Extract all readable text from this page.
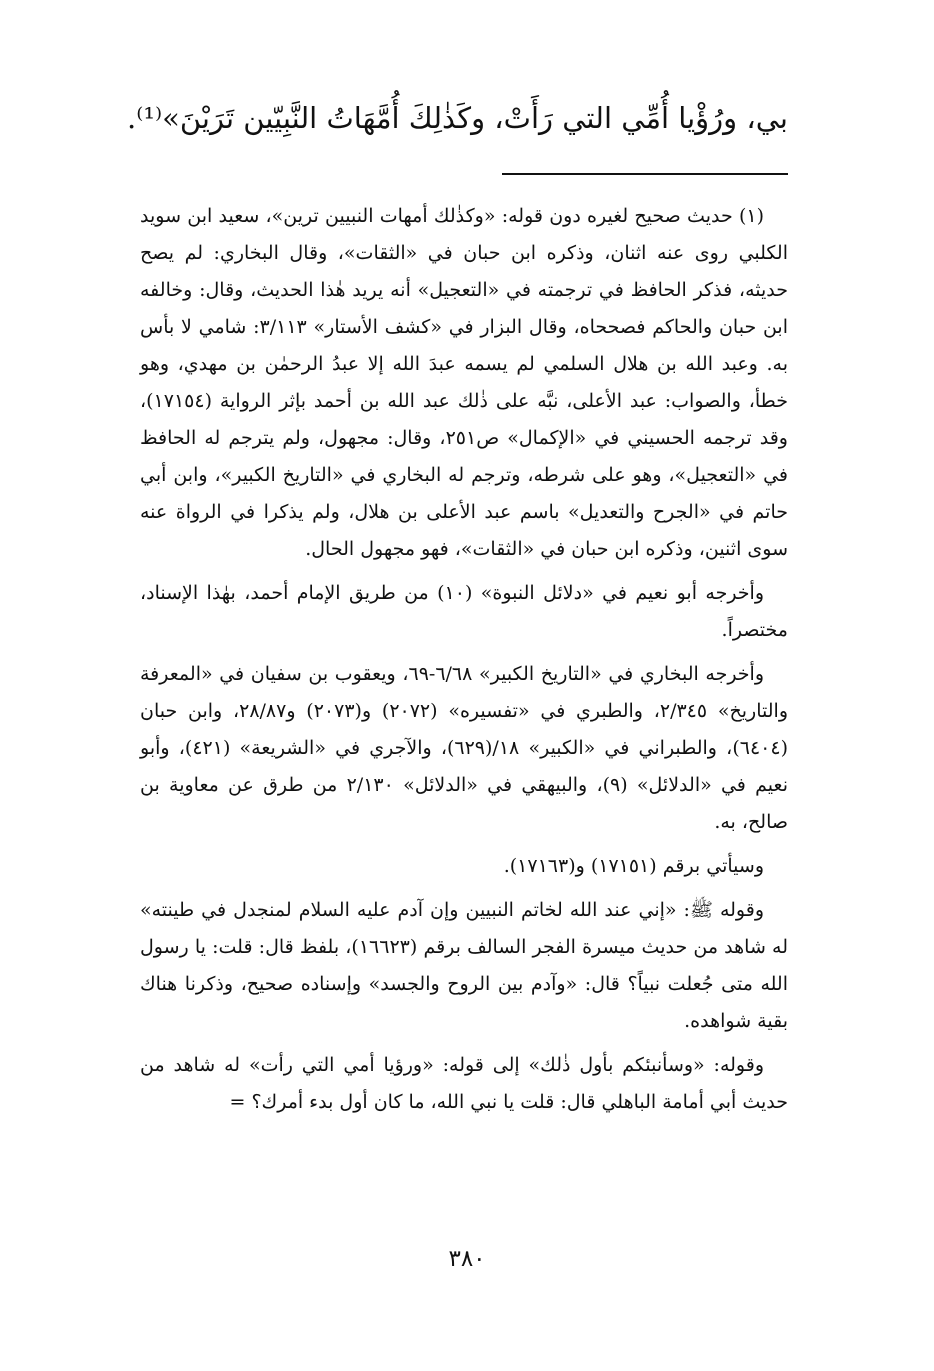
بي، ورُؤْيا أُمِّي التي رَأَتْ، وكَذٰلِكَ أُمَّهَاتُ النَّبِيّين تَرَيْنَ»⁽¹⁾.

(١) حديث صحيح لغيره دون قوله: «وكذٰلك أمهات النبيين ترين»، سعيد ابن سويد الكلبي روى عنه اثنان، وذكره ابن حبان في «الثقات»، وقال البخاري: لم يصح حديثه، فذكر الحافظ في ترجمته في «التعجيل» أنه يريد هٰذا الحديث، وقال: وخالفه ابن حبان والحاكم فصححاه، وقال البزار في «كشف الأستار» ٣/١١٣: شامي لا بأس به. وعبد الله بن هلال السلمي لم يسمه عبدَ الله إلا عبدُ الرحمٰن بن مهدي، وهو خطأ، والصواب: عبد الأعلى، نبَّه على ذٰلك عبد الله بن أحمد بإثر الرواية (١٧١٥٤)، وقد ترجمه الحسيني في «الإكمال» ص٢٥١، وقال: مجهول، ولم يترجم له الحافظ في «التعجيل»، وهو على شرطه، وترجم له البخاري في «التاريخ الكبير»، وابن أبي حاتم في «الجرح والتعديل» باسم عبد الأعلى بن هلال، ولم يذكرا في الرواة عنه سوى اثنين، وذكره ابن حبان في «الثقات»، فهو مجهول الحال.

وأخرجه أبو نعيم في «دلائل النبوة» (١٠) من طريق الإمام أحمد، بهٰذا الإسناد، مختصراً.

وأخرجه البخاري في «التاريخ الكبير» ٦/٦٨-٦٩، ويعقوب بن سفيان في «المعرفة والتاريخ» ٢/٣٤٥، والطبري في «تفسيره» (٢٠٧٢) و(٢٠٧٣) و٢٨/٨٧، وابن حبان (٦٤٠٤)، والطبراني في «الكبير» ١٨/(٦٢٩)، والآجري في «الشريعة» (٤٢١)، وأبو نعيم في «الدلائل» (٩)، والبيهقي في «الدلائل» ٢/١٣٠ من طرق عن معاوية بن صالح، به.

وسيأتي برقم (١٧١٥١) و(١٧١٦٣).

وقوله ﷺ: «إني عند الله لخاتم النبيين وإن آدم عليه السلام لمنجدل في طينته» له شاهد من حديث ميسرة الفجر السالف برقم (١٦٦٢٣)، بلفظ قال: قلت: يا رسول الله متى جُعلت نبياً؟ قال: «وآدم بين الروح والجسد» وإسناده صحيح، وذكرنا هناك بقية شواهده.

وقوله: «وسأنبئكم بأول ذٰلك» إلى قوله: «ورؤيا أمي التي رأت» له شاهد من حديث أبي أمامة الباهلي قال: قلت يا نبي الله، ما كان أول بدء أمرك؟ =

٣٨٠
